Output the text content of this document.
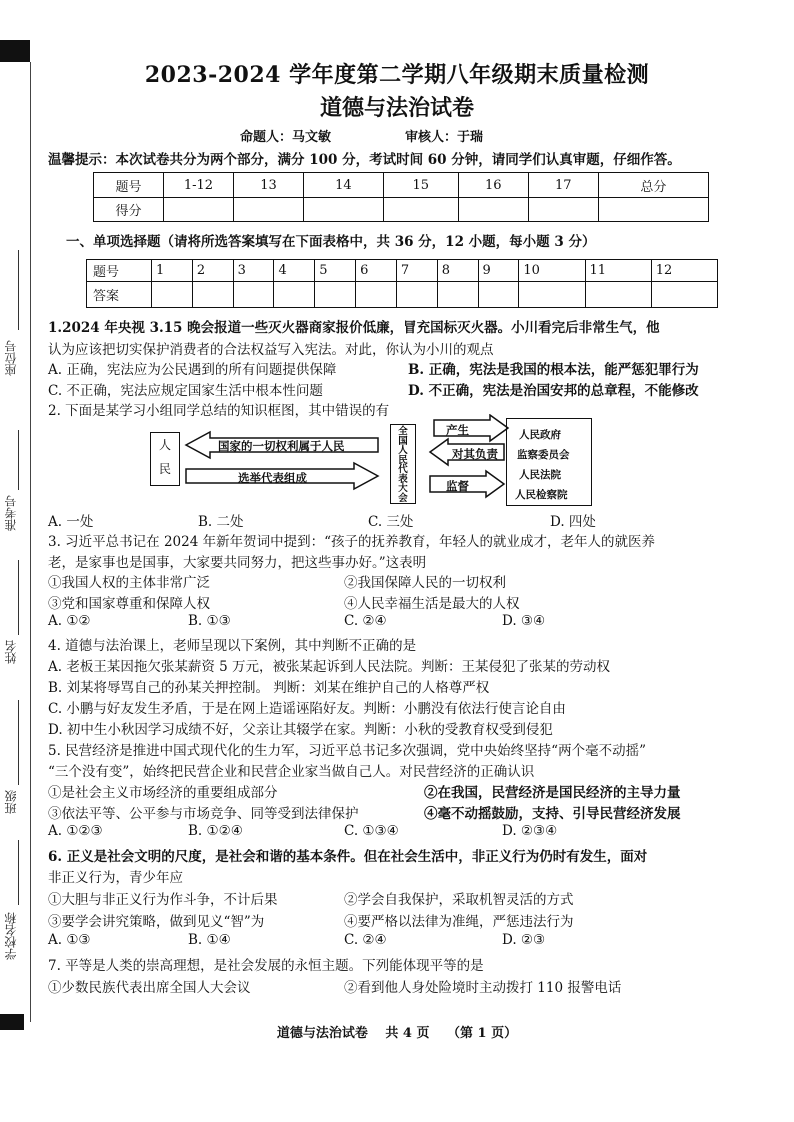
座位号
准考号
姓名
班级
学校名称
2023-2024 学年度第二学期八年级期末质量检测
道德与法治试卷
命题人：马文敏	审核人：于瑞
温馨提示：本次试卷共分为两个部分，满分 100 分，考试时间 60 分钟，请同学们认真审题，仔细作答。
题号	1-12	13	14	15	16	17	总分
得分							
一、单项选择题（请将所选答案填写在下面表格中，共 36 分，12 小题，每小题 3 分）
题号	1	2	3	4	5	6	7	8	9	10	11	12
答案												
1.2024 年央视 3.15 晚会报道一些灭火器商家报价低廉，冒充国标灭火器。小川看完后非常生气，他
认为应该把切实保护消费者的合法权益写入宪法。对此，你认为小川的观点
A. 正确，宪法应为公民遇到的所有问题提供保障	B. 正确，宪法是我国的根本法，能严惩犯罪行为
C. 不正确，宪法应规定国家生活中根本性问题	D. 不正确，宪法是治国安邦的总章程，不能修改
2. 下面是某学习小组同学总结的知识框图，其中错误的有
人民
国家的一切权利属于人民
选举代表组成
全国人民代表大会
产生
对其负责
监督
人民政府
监察委员会
人民法院
人民检察院
A. 一处	B. 二处	C. 三处	D. 四处
3. 习近平总书记在 2024 年新年贺词中提到：“孩子的抚养教育，年轻人的就业成才，老年人的就医养
老，是家事也是国事，大家要共同努力，把这些事办好。”这表明
①我国人权的主体非常广泛	②我国保障人民的一切权利
③党和国家尊重和保障人权	④人民幸福生活是最大的人权
A. ①②	B. ①③	C. ②④	D. ③④
4. 道德与法治课上，老师呈现以下案例，其中判断不正确的是
A. 老板王某因拖欠张某薪资 5 万元，被张某起诉到人民法院。判断：王某侵犯了张某的劳动权
B. 刘某将辱骂自己的孙某关押控制。 判断：刘某在维护自己的人格尊严权
C. 小鹏与好友发生矛盾，于是在网上造谣诬陷好友。判断：小鹏没有依法行使言论自由
D. 初中生小秋因学习成绩不好，父亲让其辍学在家。判断：小秋的受教育权受到侵犯
5. 民营经济是推进中国式现代化的生力军，习近平总书记多次强调，党中央始终坚持“两个毫不动摇”
“三个没有变”，始终把民营企业和民营企业家当做自己人。对民营经济的正确认识
①是社会主义市场经济的重要组成部分	②在我国，民营经济是国民经济的主导力量
③依法平等、公平参与市场竞争、同等受到法律保护	④毫不动摇鼓励，支持、引导民营经济发展
A. ①②③	B. ①②④	C. ①③④	D. ②③④
6. 正义是社会文明的尺度，是社会和谐的基本条件。但在社会生活中，非正义行为仍时有发生，面对
非正义行为，青少年应
①大胆与非正义行为作斗争，不计后果	②学会自我保护，采取机智灵活的方式
③要学会讲究策略，做到见义“智”为	④要严格以法律为准绳，严惩违法行为
A. ①③	B. ①④	C. ②④	D. ②③
7. 平等是人类的崇高理想，是社会发展的永恒主题。下列能体现平等的是
①少数民族代表出席全国人大会议	②看到他人身处险境时主动拨打 110 报警电话
道德与法治试卷　 共 4 页　 （第 1 页）
